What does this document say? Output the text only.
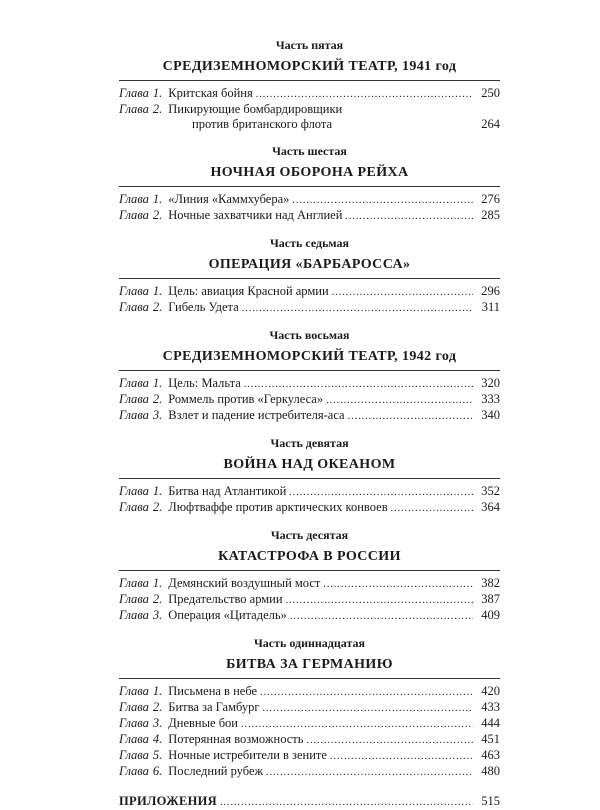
Часть пятая
СРЕДИЗЕМНОМОРСКИЙ ТЕАТР, 1941 год
Глава 1. Критская бойня .....	250
Глава 2. Пикирующие бомбардировщики
против британского флота	264
Часть шестая
НОЧНАЯ ОБОРОНА РЕЙХА
Глава 1. «Линия «Каммхубера» .....	276
Глава 2. Ночные захватчики над Англией .....	285
Часть седьмая
ОПЕРАЦИЯ «БАРБАРОССА»
Глава 1. Цель: авиация Красной армии .....	296
Глава 2. Гибель Удета .....	311
Часть восьмая
СРЕДИЗЕМНОМОРСКИЙ ТЕАТР, 1942 год
Глава 1. Цель: Мальта .....	320
Глава 2. Роммель против «Геркулеса» .....	333
Глава 3. Взлет и падение истребителя-аса .....	340
Часть девятая
ВОЙНА НАД ОКЕАНОМ
Глава 1. Битва над Атлантикой .....	352
Глава 2. Люфтваффе против арктических конвоев .....	364
Часть десятая
КАТАСТРОФА В РОССИИ
Глава 1. Демянский воздушный мост .....	382
Глава 2. Предательство армии .....	387
Глава 3. Операция «Цитадель» .....	409
Часть одиннадцатая
БИТВА ЗА ГЕРМАНИЮ
Глава 1. Письмена в небе .....	420
Глава 2. Битва за Гамбург .....	433
Глава 3. Дневные бои .....	444
Глава 4. Потерянная возможность .....	451
Глава 5. Ночные истребители в зените .....	463
Глава 6. Последний рубеж .....	480
ПРИЛОЖЕНИЯ .....	515
